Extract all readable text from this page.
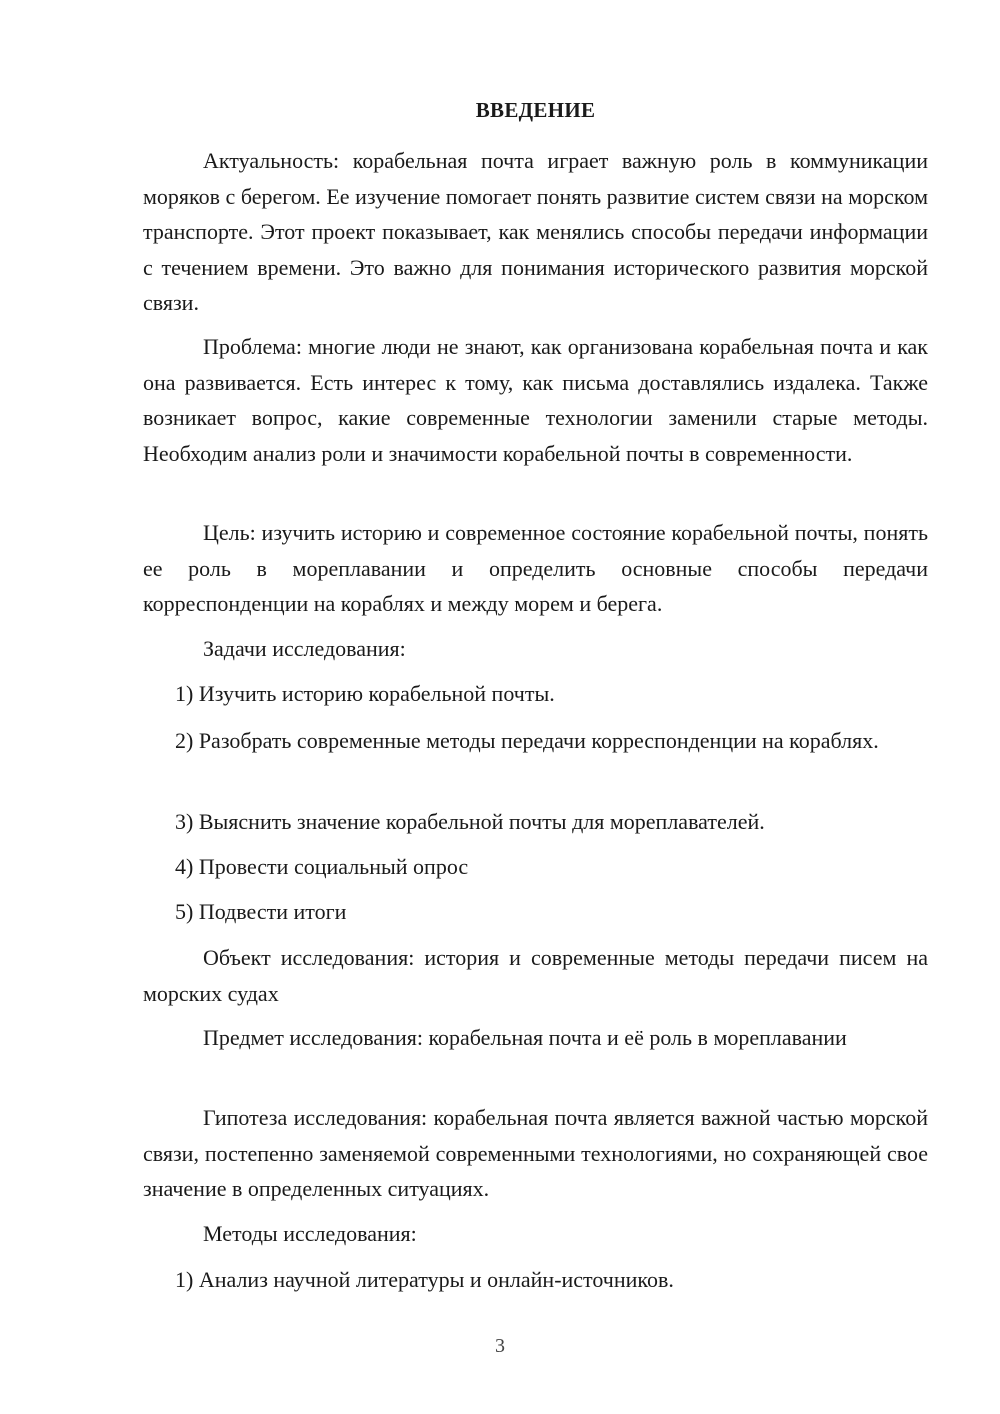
ВВЕДЕНИЕ

Актуальность: корабельная почта играет важную роль в коммуникации моряков с берегом. Ее изучение помогает понять развитие систем связи на морском транспорте. Этот проект показывает, как менялись способы передачи информации с течением времени. Это важно для понимания исторического развития морской связи.

Проблема: многие люди не знают, как организована корабельная почта и как она развивается. Есть интерес к тому, как письма доставлялись издалека. Также возникает вопрос, какие современные технологии заменили старые методы. Необходим анализ роли и значимости корабельной почты в современности.

Цель: изучить историю и современное состояние корабельной почты, понять ее роль в мореплавании и определить основные способы передачи корреспонденции на кораблях и между морем и берега.

Задачи исследования:

1) Изучить историю корабельной почты.

2) Разобрать современные методы передачи корреспонденции на кораблях.

3) Выяснить значение корабельной почты для мореплавателей.

4) Провести социальный опрос

5) Подвести итоги

Объект исследования: история и современные методы передачи писем на морских судах

Предмет исследования: корабельная почта и её роль в мореплавании

Гипотеза исследования: корабельная почта является важной частью морской связи, постепенно заменяемой современными технологиями, но сохраняющей свое значение в определенных ситуациях.

Методы исследования:

1) Анализ научной литературы и онлайн-источников.

3
